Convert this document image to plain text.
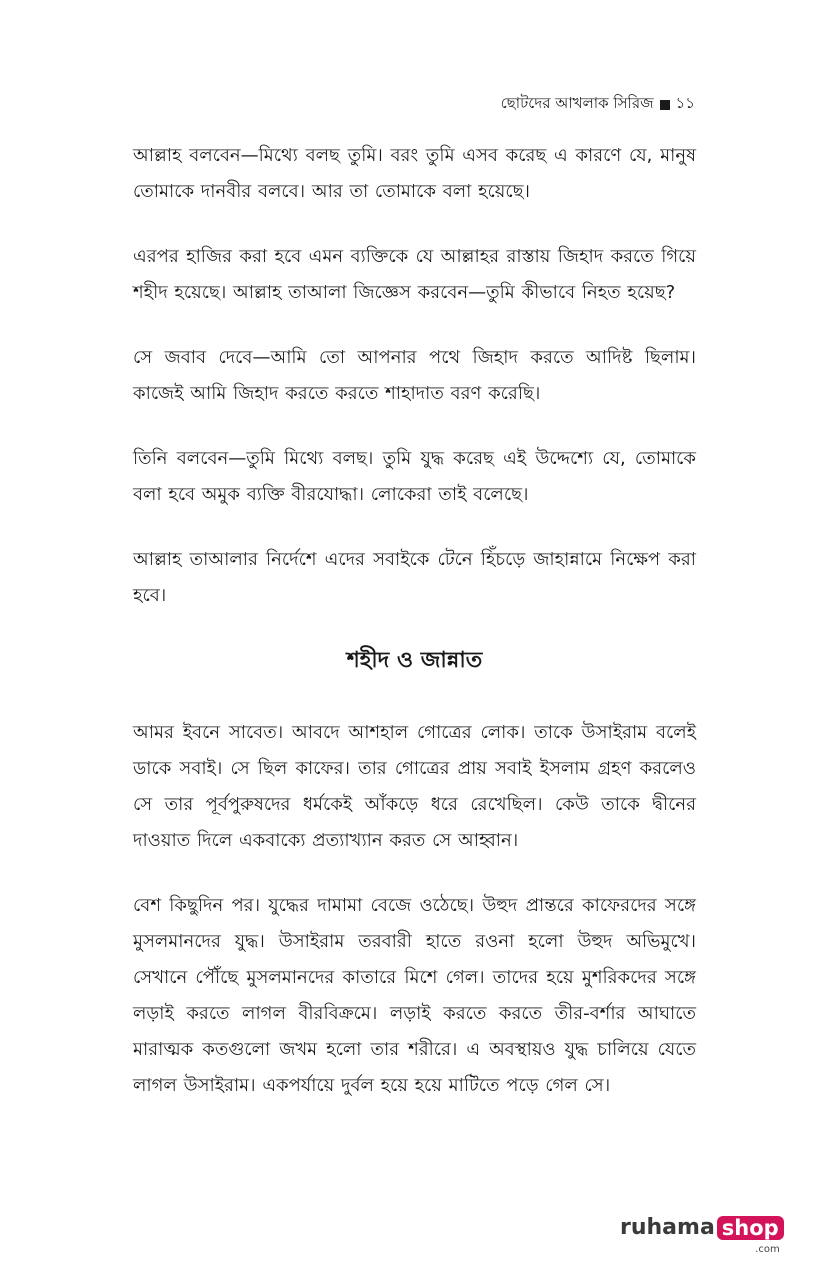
ছোটদের আখলাক সিরিজ ১১

আল্লাহ বলবেন—মিথ্যে বলছ তুমি। বরং তুমি এসব করেছ এ কারণে যে, মানুষ তোমাকে দানবীর বলবে। আর তা তোমাকে বলা হয়েছে।

এরপর হাজির করা হবে এমন ব্যক্তিকে যে আল্লাহর রাস্তায় জিহাদ করতে গিয়ে শহীদ হয়েছে। আল্লাহ তাআলা জিজ্ঞেস করবেন—তুমি কীভাবে নিহত হয়েছ?

সে জবাব দেবে—আমি তো আপনার পথে জিহাদ করতে আদিষ্ট ছিলাম। কাজেই আমি জিহাদ করতে করতে শাহাদাত বরণ করেছি।

তিনি বলবেন—তুমি মিথ্যে বলছ। তুমি যুদ্ধ করেছ এই উদ্দেশ্যে যে, তোমাকে বলা হবে অমুক ব্যক্তি বীরযোদ্ধা। লোকেরা তাই বলেছে।

আল্লাহ তাআলার নির্দেশে এদের সবাইকে টেনে হিঁচড়ে জাহান্নামে নিক্ষেপ করা হবে।

শহীদ ও জান্নাত

আমর ইবনে সাবেত। আবদে আশহাল গোত্রের লোক। তাকে উসাইরাম বলেই ডাকে সবাই। সে ছিল কাফের। তার গোত্রের প্রায় সবাই ইসলাম গ্রহণ করলেও সে তার পূর্বপুরুষদের ধর্মকেই আঁকড়ে ধরে রেখেছিল। কেউ তাকে দ্বীনের দাওয়াত দিলে একবাক্যে প্রত্যাখ্যান করত সে আহ্বান।

বেশ কিছুদিন পর। যুদ্ধের দামামা বেজে ওঠেছে। উহুদ প্রান্তরে কাফেরদের সঙ্গে মুসলমানদের যুদ্ধ। উসাইরাম তরবারী হাতে রওনা হলো উহুদ অভিমুখে। সেখানে পৌঁছে মুসলমানদের কাতারে মিশে গেল। তাদের হয়ে মুশরিকদের সঙ্গে লড়াই করতে লাগল বীরবিক্রমে। লড়াই করতে করতে তীর-বর্শার আঘাতে মারাত্মক কতগুলো জখম হলো তার শরীরে। এ অবস্থায়ও যুদ্ধ চালিয়ে যেতে লাগল উসাইরাম। একপর্যায়ে দুর্বল হয়ে হয়ে মাটিতে পড়ে গেল সে।

ruhama shop
.com
